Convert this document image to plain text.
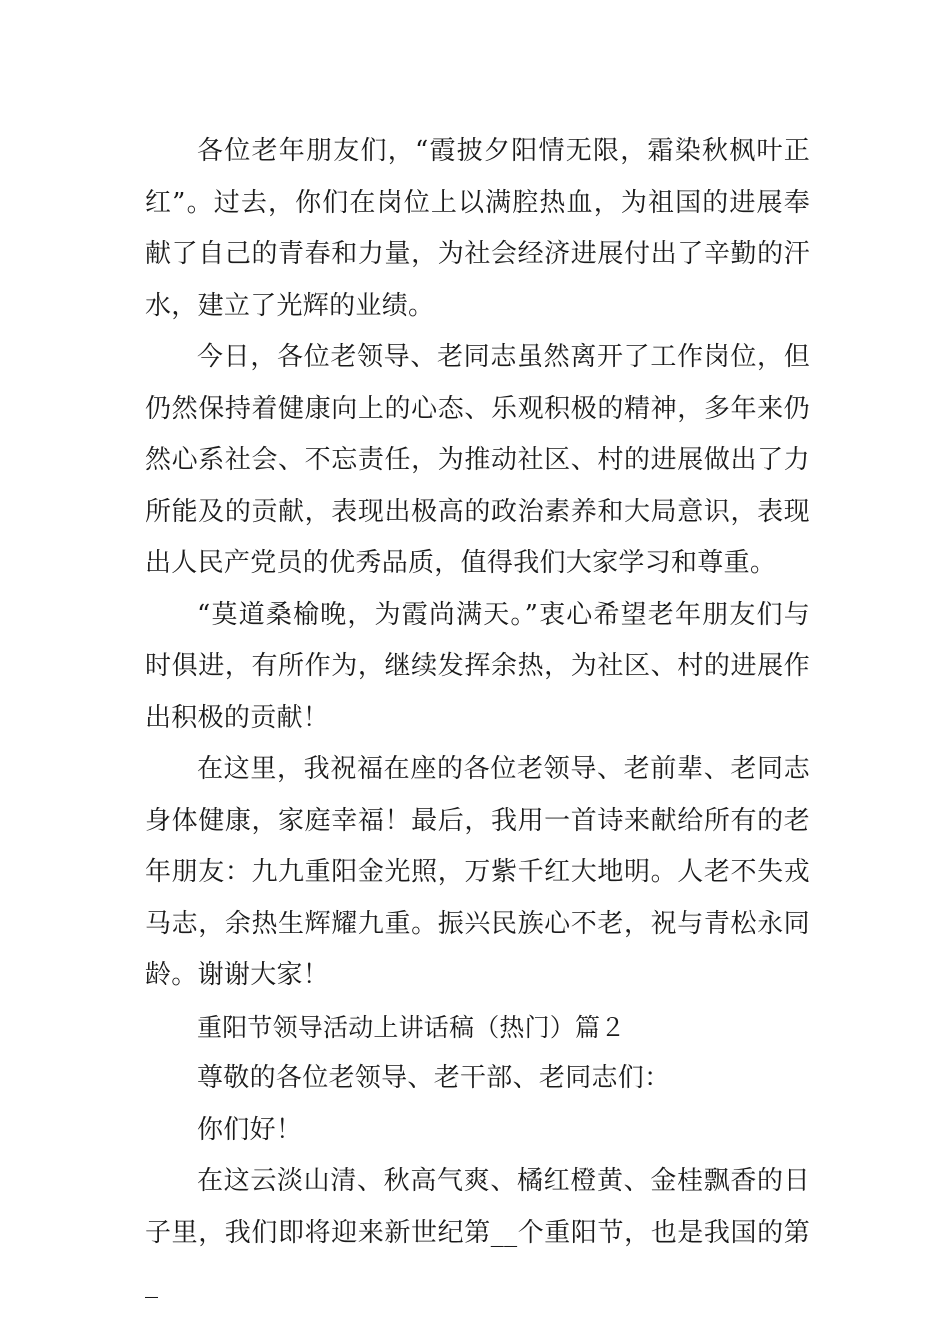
各位老年朋友们，“霞披夕阳情无限，霜染秋枫叶正红”。过去，你们在岗位上以满腔热血，为祖国的进展奉献了自己的青春和力量，为社会经济进展付出了辛勤的汗水，建立了光辉的业绩。

今日，各位老领导、老同志虽然离开了工作岗位，但仍然保持着健康向上的心态、乐观积极的精神，多年来仍然心系社会、不忘责任，为推动社区、村的进展做出了力所能及的贡献，表现出极高的政治素养和大局意识，表现出人民产党员的优秀品质，值得我们大家学习和尊重。

“莫道桑榆晚，为霞尚满天。”衷心希望老年朋友们与时俱进，有所作为，继续发挥余热，为社区、村的进展作出积极的贡献！

在这里，我祝福在座的各位老领导、老前辈、老同志身体健康，家庭幸福！最后，我用一首诗来献给所有的老年朋友：九九重阳金光照，万紫千红大地明。人老不失戎马志，余热生辉耀九重。振兴民族心不老，祝与青松永同龄。谢谢大家！

重阳节领导活动上讲话稿（热门）篇２

尊敬的各位老领导、老干部、老同志们：

你们好！

在这云淡山清、秋高气爽、橘红橙黄、金桂飘香的日子里，我们即将迎来新世纪第__个重阳节，也是我国的第_
